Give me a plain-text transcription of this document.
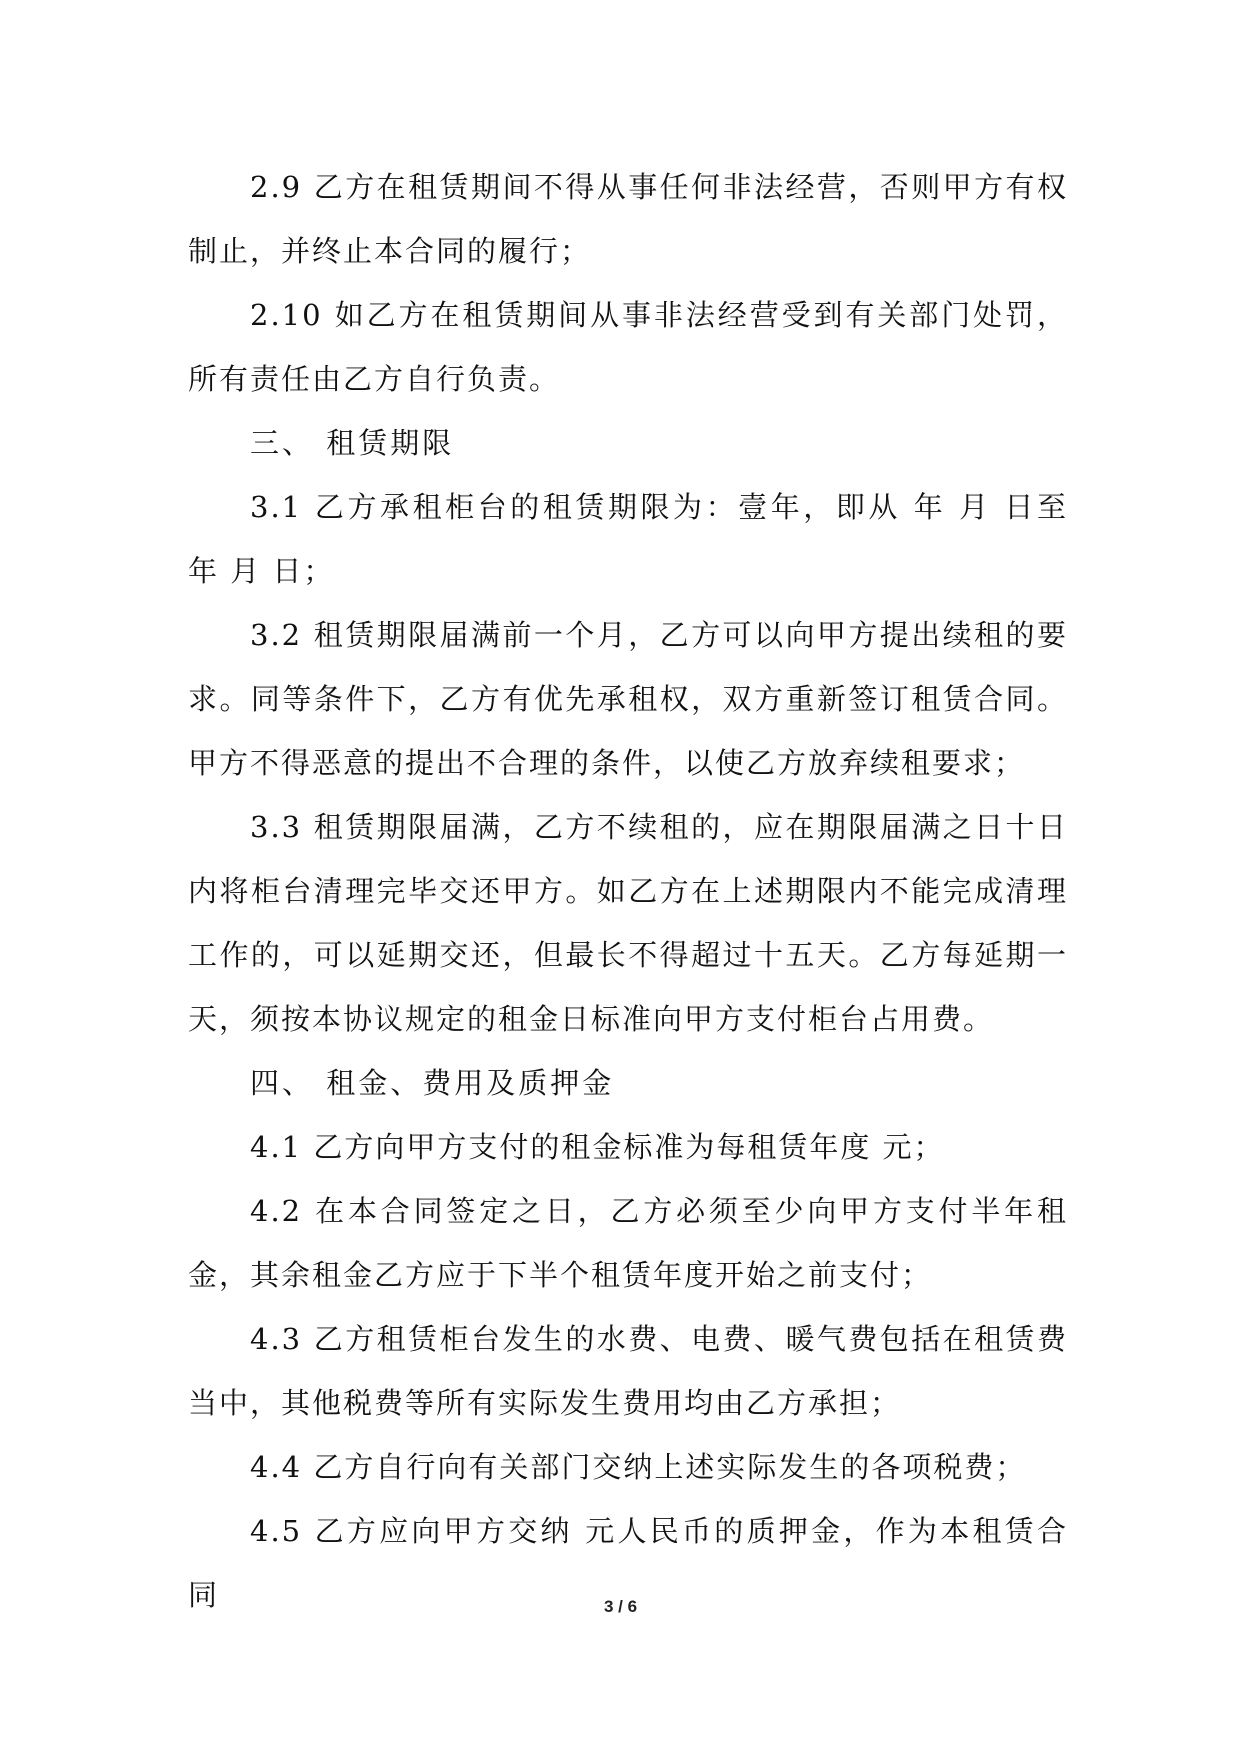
2.9 乙方在租赁期间不得从事任何非法经营，否则甲方有权制止，并终止本合同的履行；

2.10 如乙方在租赁期间从事非法经营受到有关部门处罚，所有责任由乙方自行负责。

三、 租赁期限

3.1 乙方承租柜台的租赁期限为：壹年，即从 年 月 日至 年 月 日；

3.2 租赁期限届满前一个月，乙方可以向甲方提出续租的要求。同等条件下，乙方有优先承租权，双方重新签订租赁合同。甲方不得恶意的提出不合理的条件，以使乙方放弃续租要求；

3.3 租赁期限届满，乙方不续租的，应在期限届满之日十日内将柜台清理完毕交还甲方。如乙方在上述期限内不能完成清理工作的，可以延期交还，但最长不得超过十五天。乙方每延期一天，须按本协议规定的租金日标准向甲方支付柜台占用费。

四、 租金、费用及质押金

4.1 乙方向甲方支付的租金标准为每租赁年度 元；

4.2 在本合同签定之日，乙方必须至少向甲方支付半年租金，其余租金乙方应于下半个租赁年度开始之前支付；

4.3 乙方租赁柜台发生的水费、电费、暖气费包括在租赁费当中，其他税费等所有实际发生费用均由乙方承担；

4.4 乙方自行向有关部门交纳上述实际发生的各项税费；

4.5 乙方应向甲方交纳 元人民币的质押金，作为本租赁合同	3 / 6
